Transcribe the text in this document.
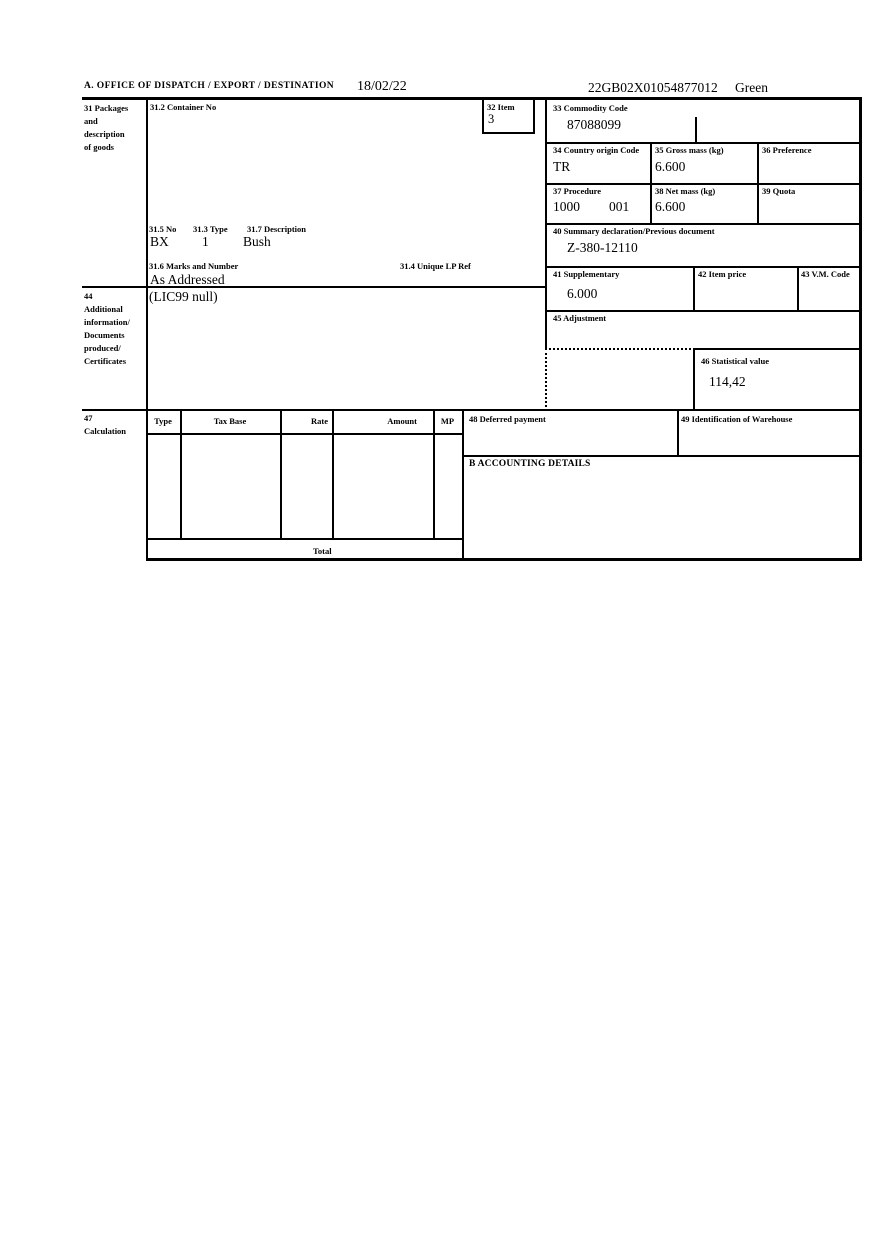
A. OFFICE OF DISPATCH / EXPORT / DESTINATION 18/02/22	22GB02X01054877012 Green
31 Packages
and
description
of goods
31.2 Container No	32 Item
3
31.5 No 31.3 Type 31.7 Description
BX 1	Bush
31.6 Marks and Number	31.4 Unique LP Ref
As Addressed
44
Additional
information/
Documents
produced/
Certificates
(LIC99 null)
33 Commodity Code
87088099
34 Country origin Code
TR
35 Gross mass (kg)
6.600
36 Preference
37 Procedure
1000 001
38 Net mass (kg)
6.600
39 Quota
40 Summary declaration/Previous document
Z-380-12110
41 Supplementary
6.000
42 Item price	43 V.M. Code
45 Adjustment
46 Statistical value
114,42
47
Calculation
Type	Tax Base	Rate	Amount	MP
Total
48 Deferred payment	49 Identification of Warehouse
B ACCOUNTING DETAILS
